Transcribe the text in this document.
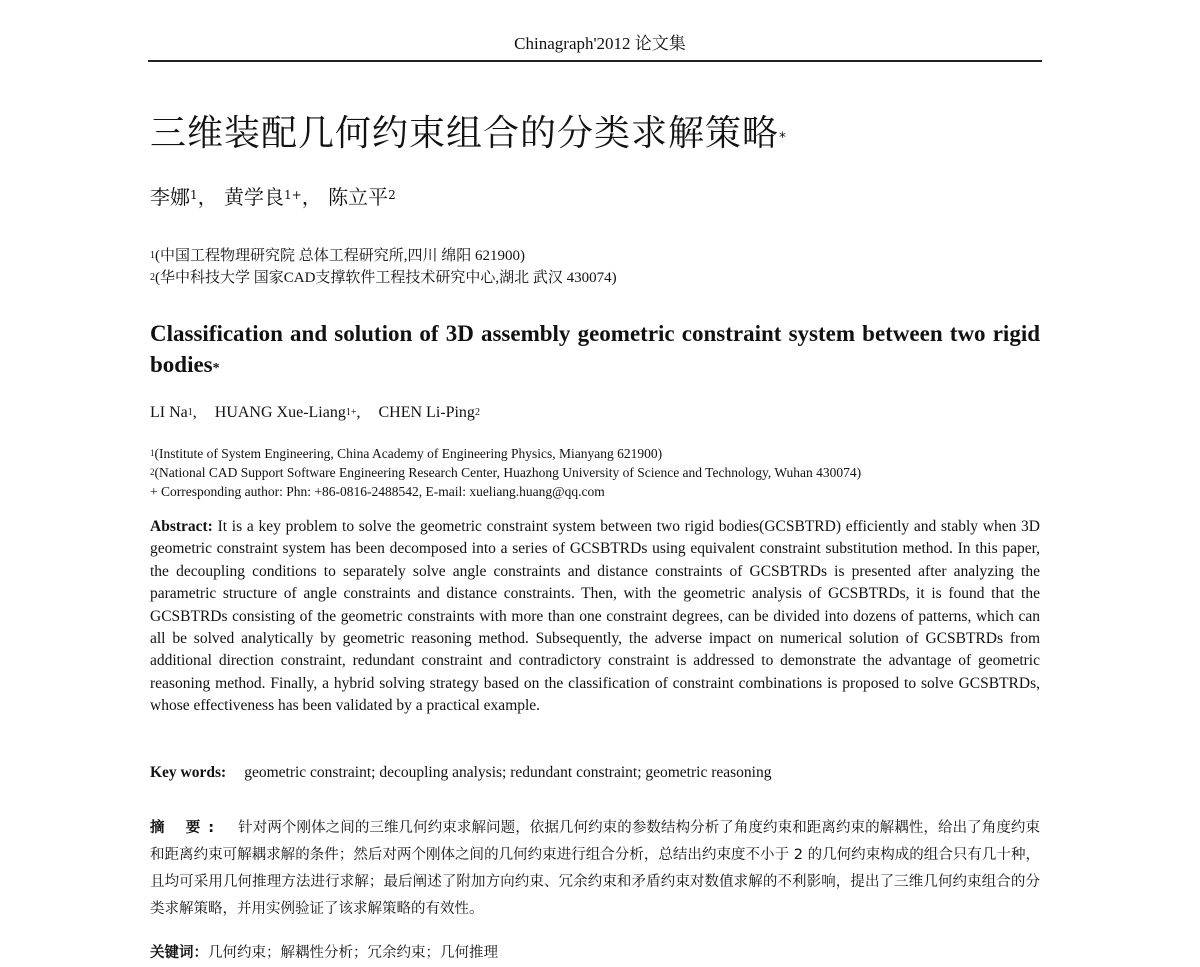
Chinagraph'2012 论文集
三维装配几何约束组合的分类求解策略*
李娜$^1$， 黄学良$^{1+}$， 陈立平$^2$
$^1$(中国工程物理研究院 总体工程研究所,四川 绵阳 621900)
$^2$(华中科技大学 国家CAD支撑软件工程技术研究中心,湖北 武汉 430074)
Classification and solution of 3D assembly geometric constraint system between two rigid bodies*
LI Na$^1$, HUANG Xue-Liang$^{1+}$, CHEN Li-Ping$^2$
$^1$(Institute of System Engineering, China Academy of Engineering Physics, Mianyang 621900)
$^2$(National CAD Support Software Engineering Research Center, Huazhong University of Science and Technology, Wuhan 430074)
+ Corresponding author: Phn: +86-0816-2488542, E-mail: xueliang.huang@qq.com
Abstract: It is a key problem to solve the geometric constraint system between two rigid bodies(GCSBTRD) efficiently and stably when 3D geometric constraint system has been decomposed into a series of GCSBTRDs using equivalent constraint substitution method. In this paper, the decoupling conditions to separately solve angle constraints and distance constraints of GCSBTRDs is presented after analyzing the parametric structure of angle constraints and distance constraints. Then, with the geometric analysis of GCSBTRDs, it is found that the GCSBTRDs consisting of the geometric constraints with more than one constraint degrees, can be divided into dozens of patterns, which can all be solved analytically by geometric reasoning method. Subsequently, the adverse impact on numerical solution of GCSBTRDs from additional direction constraint, redundant constraint and contradictory constraint is addressed to demonstrate the advantage of geometric reasoning method. Finally, a hybrid solving strategy based on the classification of constraint combinations is proposed to solve GCSBTRDs, whose effectiveness has been validated by a practical example.
Key words: geometric constraint; decoupling analysis; redundant constraint; geometric reasoning
摘 要: 针对两个刚体之间的三维几何约束求解问题，依据几何约束的参数结构分析了角度约束和距离约束的解耦性，给出了角度约束和距离约束可解耦求解的条件；然后对两个刚体之间的几何约束进行组合分析，总结出约束度不小于 2 的几何约束构成的组合只有几十种，且均可采用几何推理方法进行求解；最后阐述了附加方向约束、冗余约束和矛盾约束对数值求解的不利影响，提出了三维几何约束组合的分类求解策略，并用实例验证了该求解策略的有效性。
关键词：几何约束；解耦性分析；冗余约束；几何推理
